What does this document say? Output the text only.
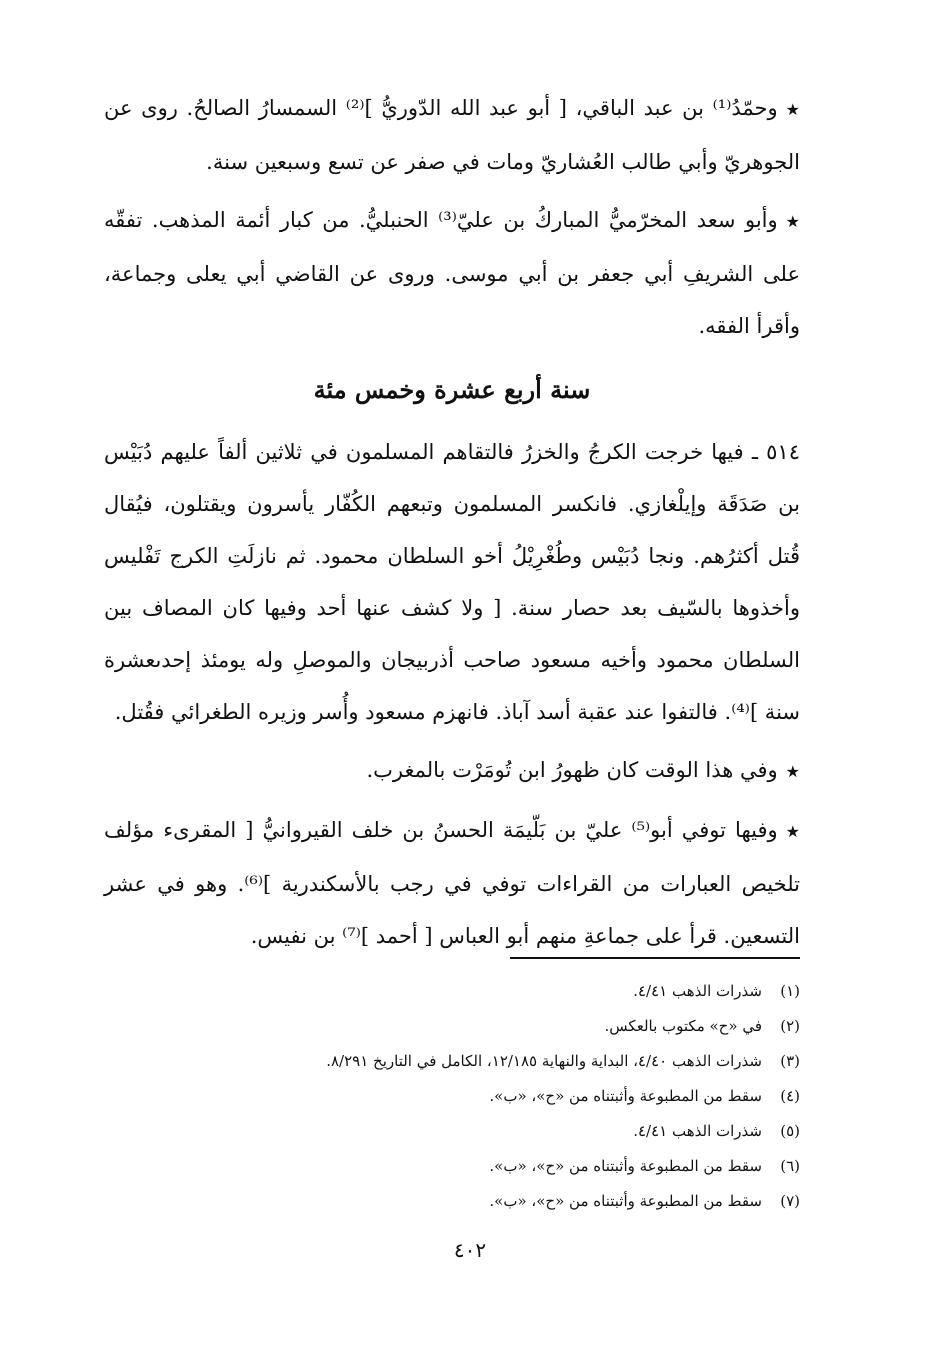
★وحمّدُ⁽¹⁾ بن عبد الباقي، [ أبو عبد الله الدّوريُّ ]⁽²⁾ السمسارُ الصالحُ. روى عن الجوهريّ وأبي طالب العُشاريّ ومات في صفر عن تسع وسبعين سنة.

★وأبو سعد المخرّميُّ المباركُ بن عليّ⁽³⁾ الحنبليُّ. من كبار أئمة المذهب. تفقّه على الشريفِ أبي جعفر بن أبي موسى. وروى عن القاضي أبي يعلى وجماعة، وأقرأ الفقه.

سنة أربع عشرة وخمس مئة

٥١٤ ـ فيها خرجت الكرجُ والخزرُ فالتقاهم المسلمون في ثلاثين ألفاً عليهم دُبَيْس بن صَدَقَة وإيلْغازي. فانكسر المسلمون وتبعهم الكُفّار يأسرون ويقتلون، فيُقال قُتل أكثرُهم. ونجا دُبَيْس وطُغْرِيْلُ أخو السلطان محمود. ثم نازلَتِ الكرج تَفْليس وأخذوها بالسّيف بعد حصار سنة. [ ولا كشف عنها أحد وفيها كان المصاف بين السلطان محمود وأخيه مسعود صاحب أذربيجان والموصلِ وله يومئذ إحدىعشرة سنة ]⁽⁴⁾. فالتفوا عند عقبة أسد آباذ. فانهزم مسعود وأُسر وزيره الطغرائي فقُتل.

★وفي هذا الوقت كان ظهورُ ابن تُومَرْت بالمغرب.

★وفيها توفي أبو⁽⁵⁾ عليّ بن بَلّيمَة الحسنُ بن خلف القيروانيُّ [ المقرىء مؤلف تلخيص العبارات من القراءات توفي في رجب بالأسكندرية ]⁽⁶⁾. وهو في عشر التسعين. قرأ على جماعةِ منهم أبو العباس [ أحمد ]⁽⁷⁾ بن نفيس.

(١)شذرات الذهب ٤/٤١.
(٢)في «ح» مكتوب بالعكس.
(٣)شذرات الذهب ٤/٤٠، البداية والنهاية ١٢/١٨٥، الكامل في التاريخ ٨/٢٩١.
(٤)سقط من المطبوعة وأثبتناه من «ح»، «ب».
(٥)شذرات الذهب ٤/٤١.
(٦)سقط من المطبوعة وأثبتناه من «ح»، «ب».
(٧)سقط من المطبوعة وأثبتناه من «ح»، «ب».
٤٠٢
